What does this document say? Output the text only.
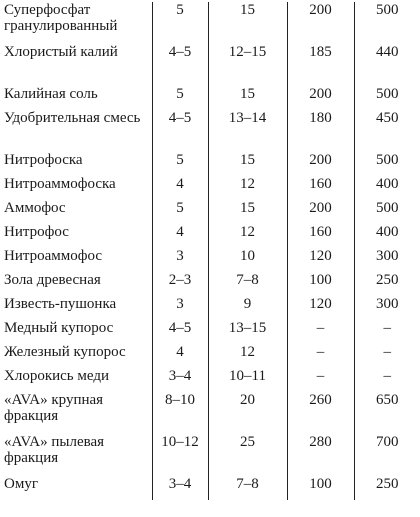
Суперфосфат гранулированный	5	15	200	500
Хлористый калий	4–5	12–15	185	440
Калийная соль	5	15	200	500
Удобрительная смесь	4–5	13–14	180	450
Нитрофоска	5	15	200	500
Нитроаммофоска	4	12	160	400
Аммофос	5	15	200	500
Нитрофос	4	12	160	400
Нитроаммофос	3	10	120	300
Зола древесная	2–3	7–8	100	250
Известь-пушонка	3	9	120	300
Медный купорос	4–5	13–15	–	–
Железный купорос	4	12	–	–
Хлорокись меди	3–4	10–11	–	–
«AVA» крупная фракция	8–10	20	260	650
«AVA» пылевая фракция	10–12	25	280	700
Омуг	3–4	7–8	100	250
